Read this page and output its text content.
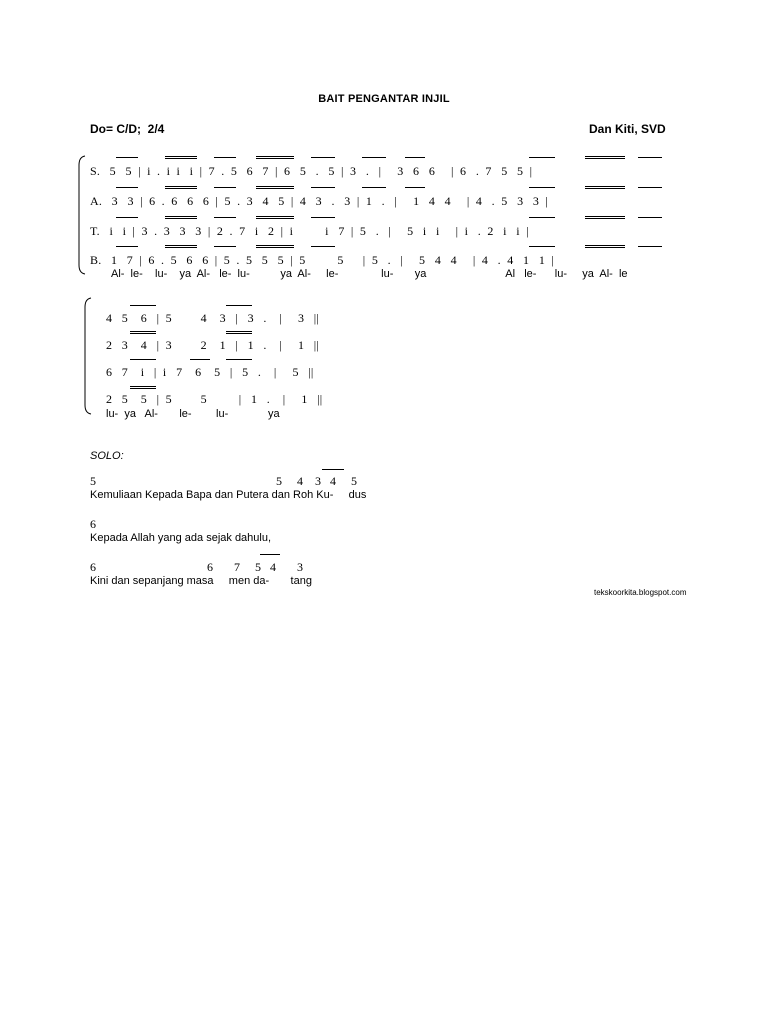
BAIT PENGANTAR INJIL
Do= C/D;  2/4	Dan Kiti, SVD
S.   5   5  |  i  .  i  i   i  |  7  .  5   6   7  |  6   5   .   5  |  3   .   |     3   6   6     |  6   .  7   5   5  |
A.   3   3  |  6  .  6   6   6  |  5  .  3   4   5  |  4   3   .   3  |  1   .   |     1   4   4     |  4   .  5   3   3  |
T.   i   i  |  3  .  3   3   3  |  2  .  7   i   2  |  i          i   7  |  5   .   |     5   i   i     |  i   .  2   i   i  |
B.   1   7  |  6  .  5   6   6  |  5  .  5   5   5  |  5          5      |  5   .   |     5   4   4     |  4   .  4   1   1  |
Al-  le-    lu-    ya  Al-   le-  lu-          ya  Al-     le-              lu-       ya                          Al   le-      lu-     ya  Al-  le
4   5    6   |  5         4    3   |   3   .    |     3   ||
2   3    4   |  3         2    1   |   1   .    |     1   ||
6   7    i   |  i   7    6    5   |   5   .    |     5   ||
2   5    5   |  5         5          |   1   .    |     1   ||
lu-  ya   Al-       le-        lu-             ya
SOLO:
5	5     4    3   4     5
Kemuliaan Kepada Bapa dan Putera dan Roh Ku-     dus
6
Kepada Allah yang ada sejak dahulu,
6	6       7     5   4       3
Kini dan sepanjang masa     men da-       tang
tekskoorkita.blogspot.com
